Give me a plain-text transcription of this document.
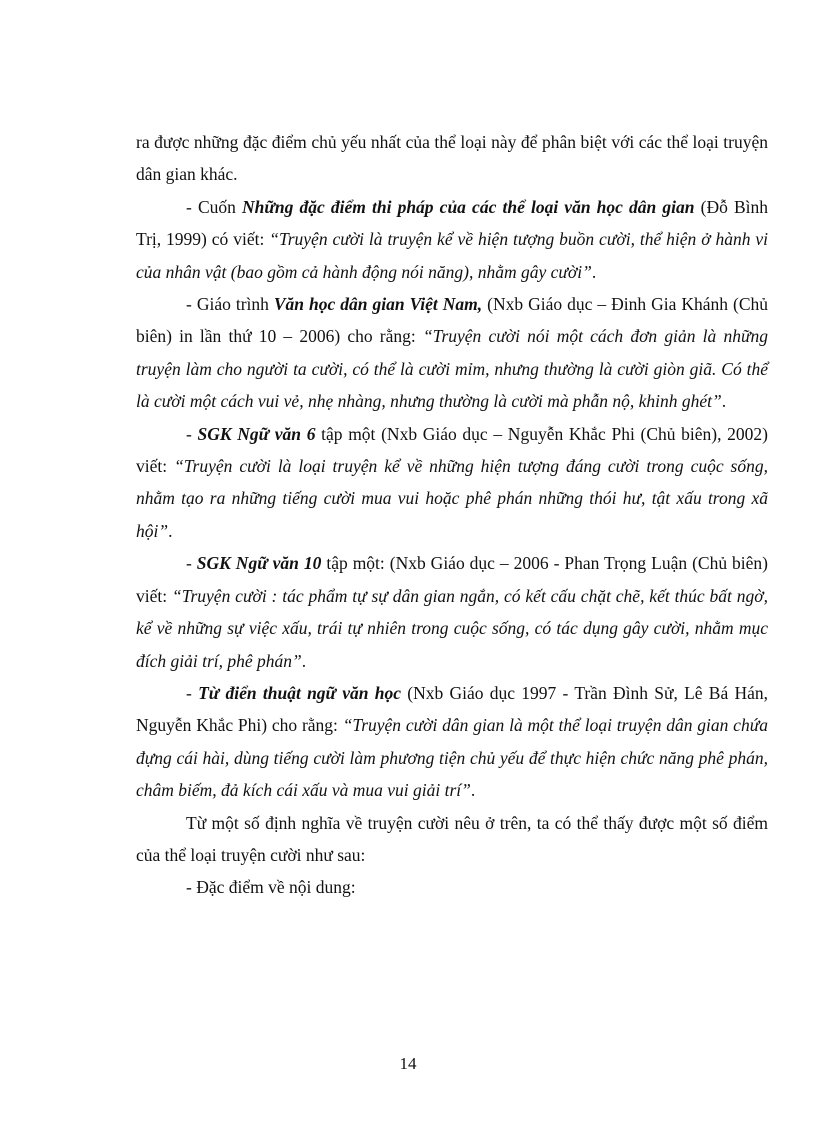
ra được những đặc điểm chủ yếu nhất của thể loại này để phân biệt với các thể loại truyện dân gian khác.

- Cuốn Những đặc điểm thi pháp của các thể loại văn học dân gian (Đỗ Bình Trị, 1999) có viết: “Truyện cười là truyện kể về hiện tượng buồn cười, thể hiện ở hành vi của nhân vật (bao gồm cả hành động nói năng), nhằm gây cười”.

- Giáo trình Văn học dân gian Việt Nam, (Nxb Giáo dục – Đinh Gia Khánh (Chủ biên) in lần thứ 10 – 2006) cho rằng: “Truyện cười nói một cách đơn giản là những truyện làm cho người ta cười, có thể là cười mỉm, nhưng thường là cười giòn giã. Có thể là cười một cách vui vẻ, nhẹ nhàng, nhưng thường là cười mà phẫn nộ, khinh ghét”.

- SGK Ngữ văn 6 tập một (Nxb Giáo dục – Nguyễn Khắc Phi (Chủ biên), 2002) viết: “Truyện cười là loại truyện kể về những hiện tượng đáng cười trong cuộc sống, nhằm tạo ra những tiếng cười mua vui hoặc phê phán những thói hư, tật xấu trong xã hội”.

- SGK Ngữ văn 10 tập một: (Nxb Giáo dục – 2006 - Phan Trọng Luận (Chủ biên) viết: “Truyện cười : tác phẩm tự sự dân gian ngắn, có kết cấu chặt chẽ, kết thúc bất ngờ, kể về những sự việc xấu, trái tự nhiên trong cuộc sống, có tác dụng gây cười, nhằm mục đích giải trí, phê phán”.

- Từ điển thuật ngữ văn học (Nxb Giáo dục 1997 - Trần Đình Sử, Lê Bá Hán, Nguyễn Khắc Phi) cho rằng: “Truyện cười dân gian là một thể loại truyện dân gian chứa đựng cái hài, dùng tiếng cười làm phương tiện chủ yếu để thực hiện chức năng phê phán, châm biếm, đả kích cái xấu và mua vui giải trí”.

Từ một số định nghĩa về truyện cười nêu ở trên, ta có thể thấy được một số điểm của thể loại truyện cười như sau:

- Đặc điểm về nội dung:

14
